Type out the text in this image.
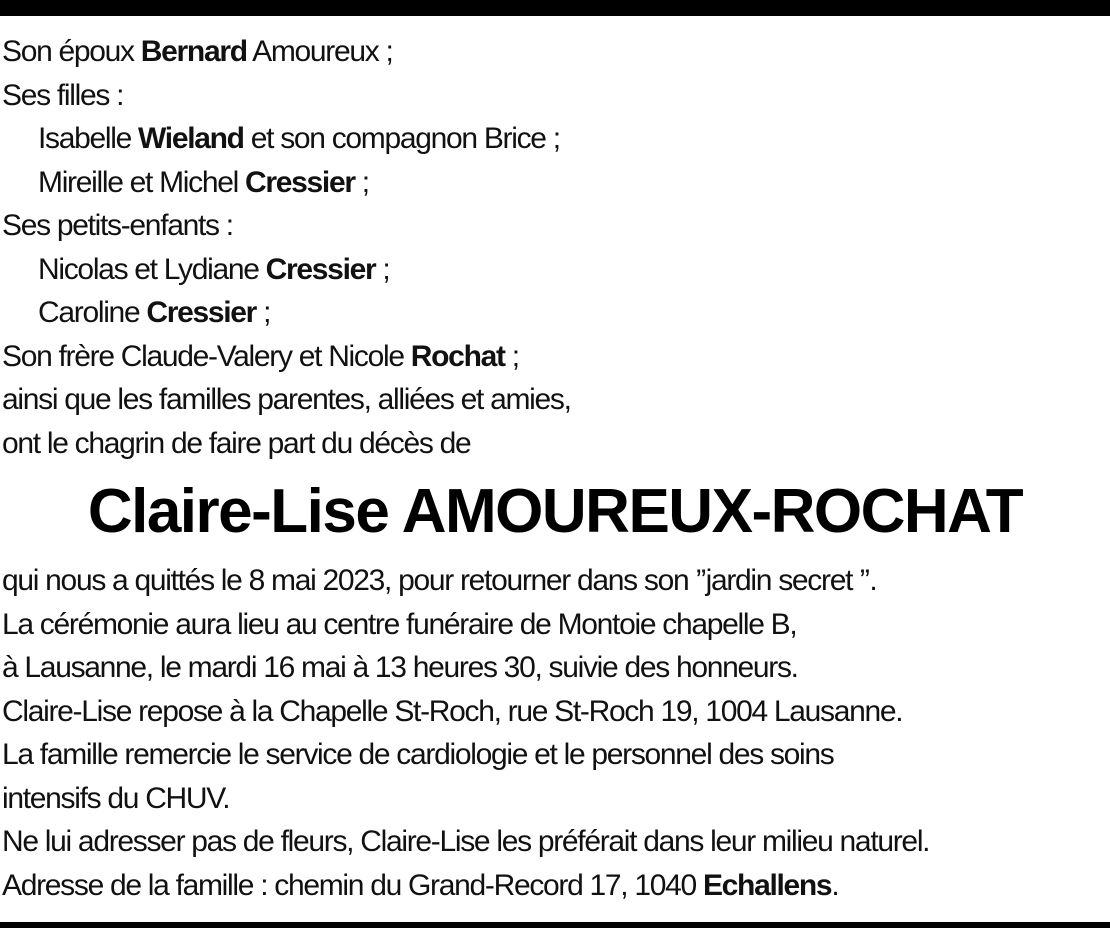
Son époux Bernard Amoureux ;
Ses filles :
Isabelle Wieland et son compagnon Brice ;
Mireille et Michel Cressier ;
Ses petits-enfants :
Nicolas et Lydiane Cressier ;
Caroline Cressier ;
Son frère Claude-Valery et Nicole Rochat ;
ainsi que les familles parentes, alliées et amies,
ont le chagrin de faire part du décès de
Claire-Lise AMOUREUX-ROCHAT
qui nous a quittés le 8 mai 2023, pour retourner dans son ’’jardin secret ’’.
La cérémonie aura lieu au centre funéraire de Montoie chapelle B,
à Lausanne, le mardi 16 mai à 13 heures 30, suivie des honneurs.
Claire-Lise repose à la Chapelle St-Roch, rue St-Roch 19, 1004 Lausanne.
La famille remercie le service de cardiologie et le personnel des soins
intensifs du CHUV.
Ne lui adresser pas de fleurs, Claire-Lise les préférait dans leur milieu naturel.
Adresse de la famille : chemin du Grand-Record 17, 1040 Echallens.
